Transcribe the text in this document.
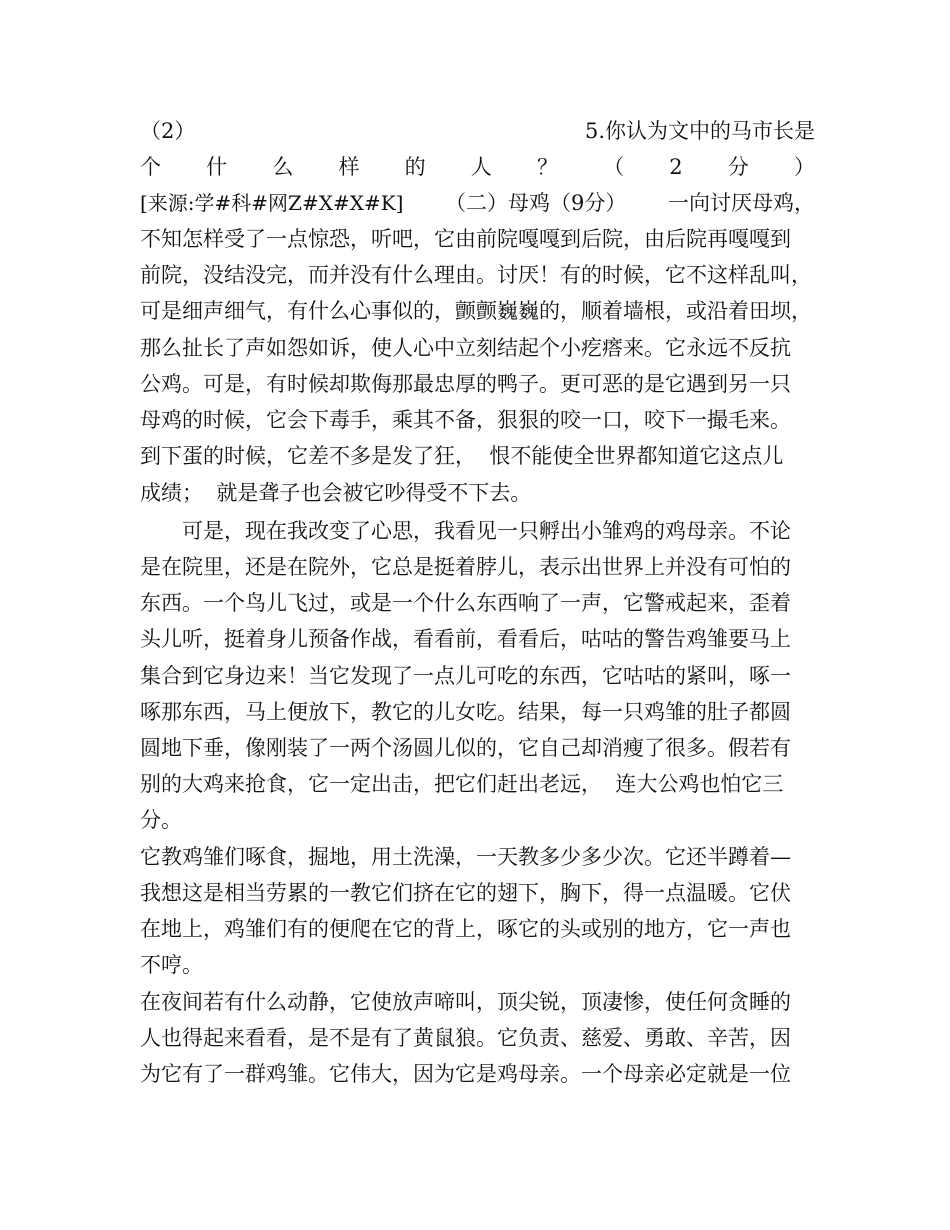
（2）	5.你认为文中的马市长是
个 什 么 样 的 人 ？ （ 2 分 ）
[来源:学#科#网Z#X#X#K] （二）母鸡（9分） 一向讨厌母鸡，
不知怎样受了一点惊恐，听吧，它由前院嘎嘎到后院，由后院再嘎嘎到
前院，没结没完，而并没有什么理由。讨厌！有的时候，它不这样乱叫，
可是细声细气，有什么心事似的，颤颤巍巍的，顺着墙根，或沿着田坝，
那么扯长了声如怨如诉，使人心中立刻结起个小疙瘩来。它永远不反抗
公鸡。可是，有时候却欺侮那最忠厚的鸭子。更可恶的是它遇到另一只
母鸡的时候，它会下毒手，乘其不备，狠狠的咬一口，咬下一撮毛来。
到下蛋的时候，它差不多是发了狂，  恨不能使全世界都知道它这点儿
成绩；  就是聋子也会被它吵得受不下去。
可是，现在我改变了心思，我看见一只孵出小雏鸡的鸡母亲。不论
是在院里，还是在院外，它总是挺着脖儿，表示出世界上并没有可怕的
东西。一个鸟儿飞过，或是一个什么东西响了一声，它警戒起来，歪着
头儿听，挺着身儿预备作战，看看前，看看后，咕咕的警告鸡雏要马上
集合到它身边来！当它发现了一点儿可吃的东西，它咕咕的紧叫，啄一
啄那东西，马上便放下，教它的儿女吃。结果，每一只鸡雏的肚子都圆
圆地下垂，像刚装了一两个汤圆儿似的，它自己却消瘦了很多。假若有
别的大鸡来抢食，它一定出击，把它们赶出老远，  连大公鸡也怕它三
分。
它教鸡雏们啄食，掘地，用土洗澡，一天教多少多少次。它还半蹲着—
我想这是相当劳累的一教它们挤在它的翅下，胸下，得一点温暖。它伏
在地上，鸡雏们有的便爬在它的背上，啄它的头或别的地方，它一声也
不哼。
在夜间若有什么动静，它使放声啼叫，顶尖锐，顶凄惨，使任何贪睡的
人也得起来看看，是不是有了黄鼠狼。它负责、慈爱、勇敢、辛苦，因
为它有了一群鸡雏。它伟大，因为它是鸡母亲。一个母亲必定就是一位
